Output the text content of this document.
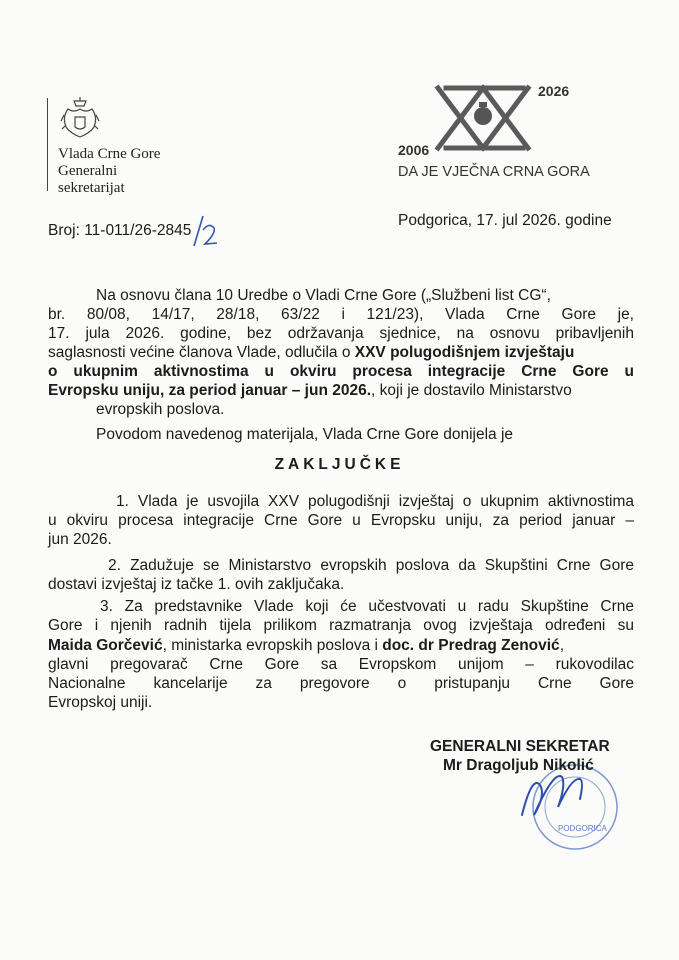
Vlada Crne Gore
Generalni
sekretarijat
2026
2006
DA JE VJEČNA CRNA GORA
Broj: 11-011/26-2845
Podgorica, 17. jul 2026. godine
Na osnovu člana 10 Uredbe o Vladi Crne Gore („Službeni list CG“,
br. 80/08, 14/17, 28/18, 63/22 i 121/23), Vlada Crne Gore je,
17. jula 2026. godine, bez održavanja sjednice, na osnovu pribavljenih
saglasnosti većine članova Vlade, odlučila o XXV polugodišnjem izvještaju
o ukupnim aktivnostima u okviru procesa integracije Crne Gore u
Evropsku uniju, za period januar – jun 2026., koji je dostavilo Ministarstvo
evropskih poslova.
Povodom navedenog materijala, Vlada Crne Gore donijela je
ZAKLJUČKE
1. Vlada je usvojila XXV polugodišnji izvještaj o ukupnim aktivnostima
u okviru procesa integracije Crne Gore u Evropsku uniju, za period januar –
jun 2026.
2. Zadužuje se Ministarstvo evropskih poslova da Skupštini Crne Gore
dostavi izvještaj iz tačke 1. ovih zaključaka.
3. Za predstavnike Vlade koji će učestvovati u radu Skupštine Crne
Gore i njenih radnih tijela prilikom razmatranja ovog izvještaja određeni su
Maida Gorčević, ministarka evropskih poslova i doc. dr Predrag Zenović,
glavni pregovarač Crne Gore sa Evropskom unijom – rukovodilac
Nacionalne kancelarije za pregovore o pristupanju Crne Gore
Evropskoj uniji.
PODGORICA
GENERALNI SEKRETAR
Mr Dragoljub Nikolić
